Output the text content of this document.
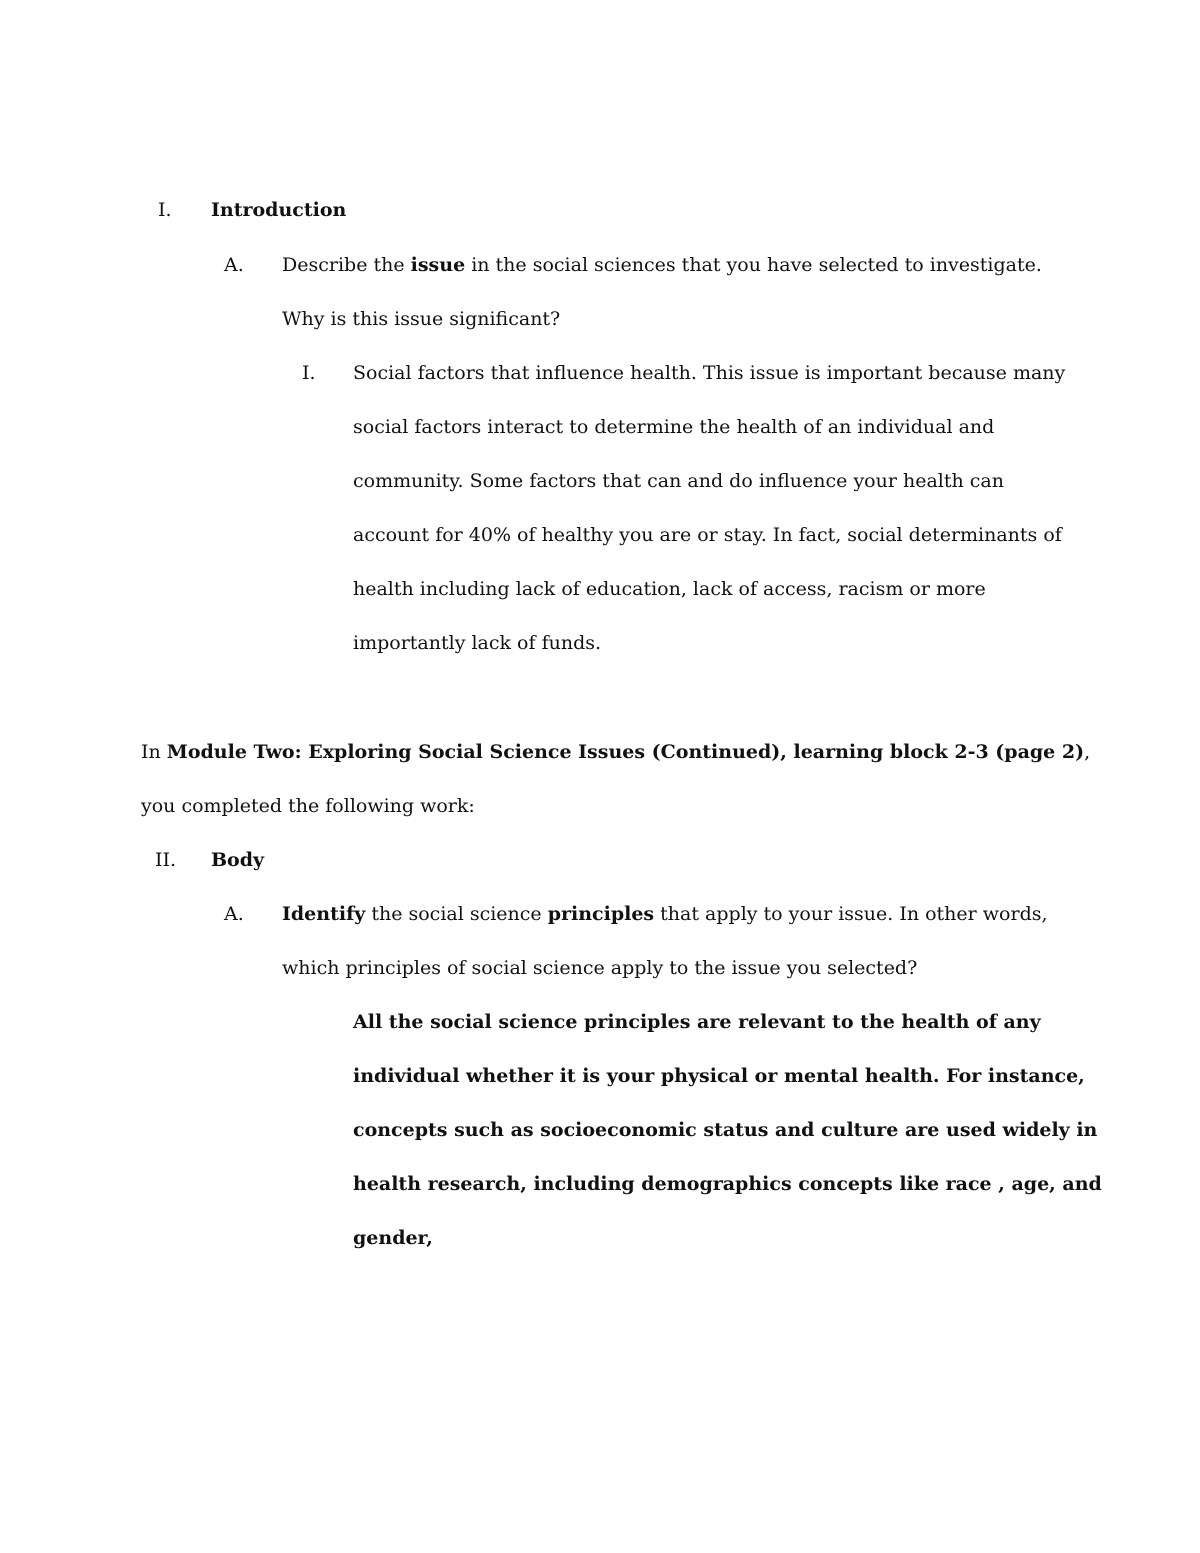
I. Introduction
A. Describe the issue in the social sciences that you have selected to investigate.
Why is this issue significant?
I. Social factors that influence health. This issue is important because many
social factors interact to determine the health of an individual and
community. Some factors that can and do influence your health can
account for 40% of healthy you are or stay. In fact, social determinants of
health including lack of education, lack of access, racism or more
importantly lack of funds.
In Module Two: Exploring Social Science Issues (Continued), learning block 2-3 (page 2),
you completed the following work:
II. Body
A. Identify the social science principles that apply to your issue. In other words,
which principles of social science apply to the issue you selected?
All the social science principles are relevant to the health of any
individual whether it is your physical or mental health. For instance,
concepts such as socioeconomic status and culture are used widely in
health research, including demographics concepts like race , age, and
gender,
